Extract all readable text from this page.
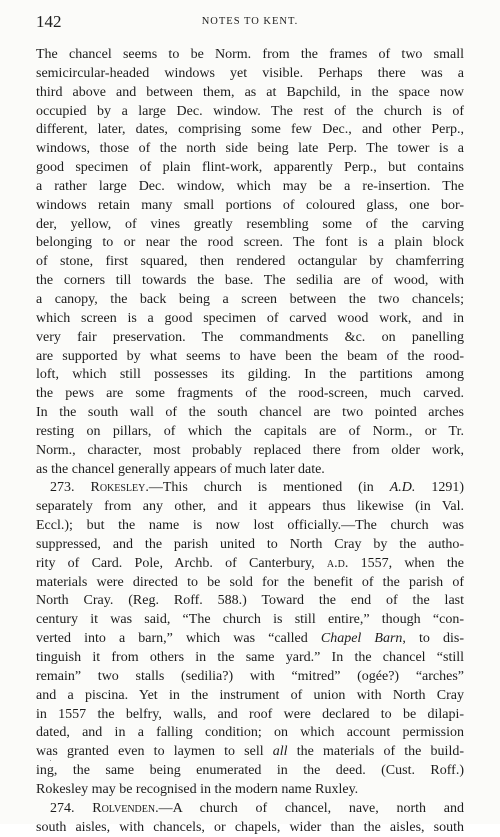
142	NOTES TO KENT.
The chancel seems to be Norm. from the frames of two small
semicircular-headed windows yet visible. Perhaps there was a
third above and between them, as at Bapchild, in the space now
occupied by a large Dec. window. The rest of the church is of
different, later, dates, comprising some few Dec., and other Perp.,
windows, those of the north side being late Perp. The tower is a
good specimen of plain flint-work, apparently Perp., but contains
a rather large Dec. window, which may be a re-insertion. The
windows retain many small portions of coloured glass, one bor-
der, yellow, of vines greatly resembling some of the carving
belonging to or near the rood screen. The font is a plain block
of stone, first squared, then rendered octangular by chamferring
the corners till towards the base. The sedilia are of wood, with
a canopy, the back being a screen between the two chancels;
which screen is a good specimen of carved wood work, and in
very fair preservation. The commandments &c. on panelling
are supported by what seems to have been the beam of the rood-
loft, which still possesses its gilding. In the partitions among
the pews are some fragments of the rood-screen, much carved.
In the south wall of the south chancel are two pointed arches
resting on pillars, of which the capitals are of Norm., or Tr.
Norm., character, most probably replaced there from older work,
as the chancel generally appears of much later date.
273. Rokesley.—This church is mentioned (in A.D. 1291)
separately from any other, and it appears thus likewise (in Val.
Eccl.); but the name is now lost officially.—The church was
suppressed, and the parish united to North Cray by the autho-
rity of Card. Pole, Archb. of Canterbury, a.d. 1557, when the
materials were directed to be sold for the benefit of the parish of
North Cray. (Reg. Roff. 588.) Toward the end of the last
century it was said, “The church is still entire,” though “con-
verted into a barn,” which was “called Chapel Barn, to dis-
tinguish it from others in the same yard.” In the chancel “still
remain” two stalls (sedilia?) with “mitred” (ogée?) “arches”
and a piscina. Yet in the instrument of union with North Cray
in 1557 the belfry, walls, and roof were declared to be dilapi-
dated, and in a falling condition; on which account permission
was granted even to laymen to sell all the materials of the build-
ing, the same being enumerated in the deed. (Cust. Roff.)
Rokesley may be recognised in the modern name Ruxley.
274. Rolvenden.—A church of chancel, nave, north and
south aisles, with chancels, or chapels, wider than the aisles, south
